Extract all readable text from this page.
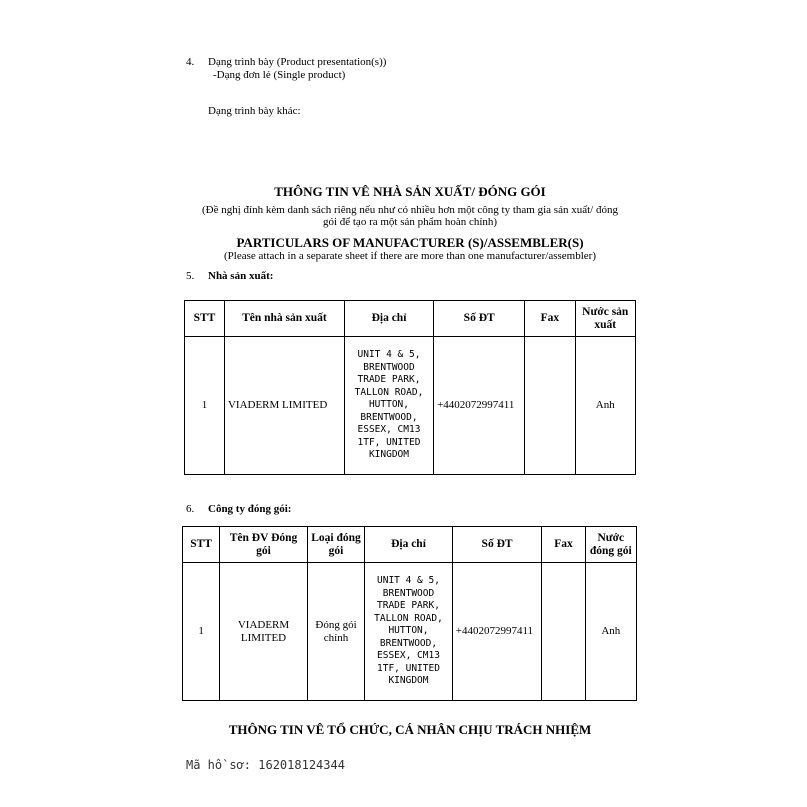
4. Dạng trình bày (Product presentation(s))
-Dạng đơn lẻ (Single product)
Dạng trình bày khác:
THÔNG TIN VÊ NHÀ SẢN XUẤT/ ĐÓNG GÓI
(Đề nghị đính kèm danh sách riêng nếu như có nhiều hơn một công ty tham gia sản xuất/ đóng
gói để tạo ra một sản phẩm hoàn chỉnh)
PARTICULARS OF MANUFACTURER (S)/ASSEMBLER(S)
(Please attach in a separate sheet if there are more than one manufacturer/assembler)
5. Nhà sản xuất:
STT	Tên nhà sản xuất	Địa chỉ	Số ĐT	Fax	Nước sản xuất
1	VIADERM LIMITED	UNIT 4 & 5, BRENTWOOD TRADE PARK, TALLON ROAD, HUTTON, BRENTWOOD, ESSEX, CM13 1TF, UNITED KINGDOM	+4402072997411		Anh
6. Công ty đóng gói:
STT	Tên ĐV Đóng gói	Loại đóng gói	Địa chỉ	Số ĐT	Fax	Nước đóng gói
1	VIADERM LIMITED	Đóng gói chính	UNIT 4 & 5, BRENTWOOD TRADE PARK, TALLON ROAD, HUTTON, BRENTWOOD, ESSEX, CM13 1TF, UNITED KINGDOM	+4402072997411		Anh
THÔNG TIN VÊ TỔ CHỨC, CÁ NHÂN CHỊU TRÁCH NHIỆM
Mã hồ sơ: 162018124344
